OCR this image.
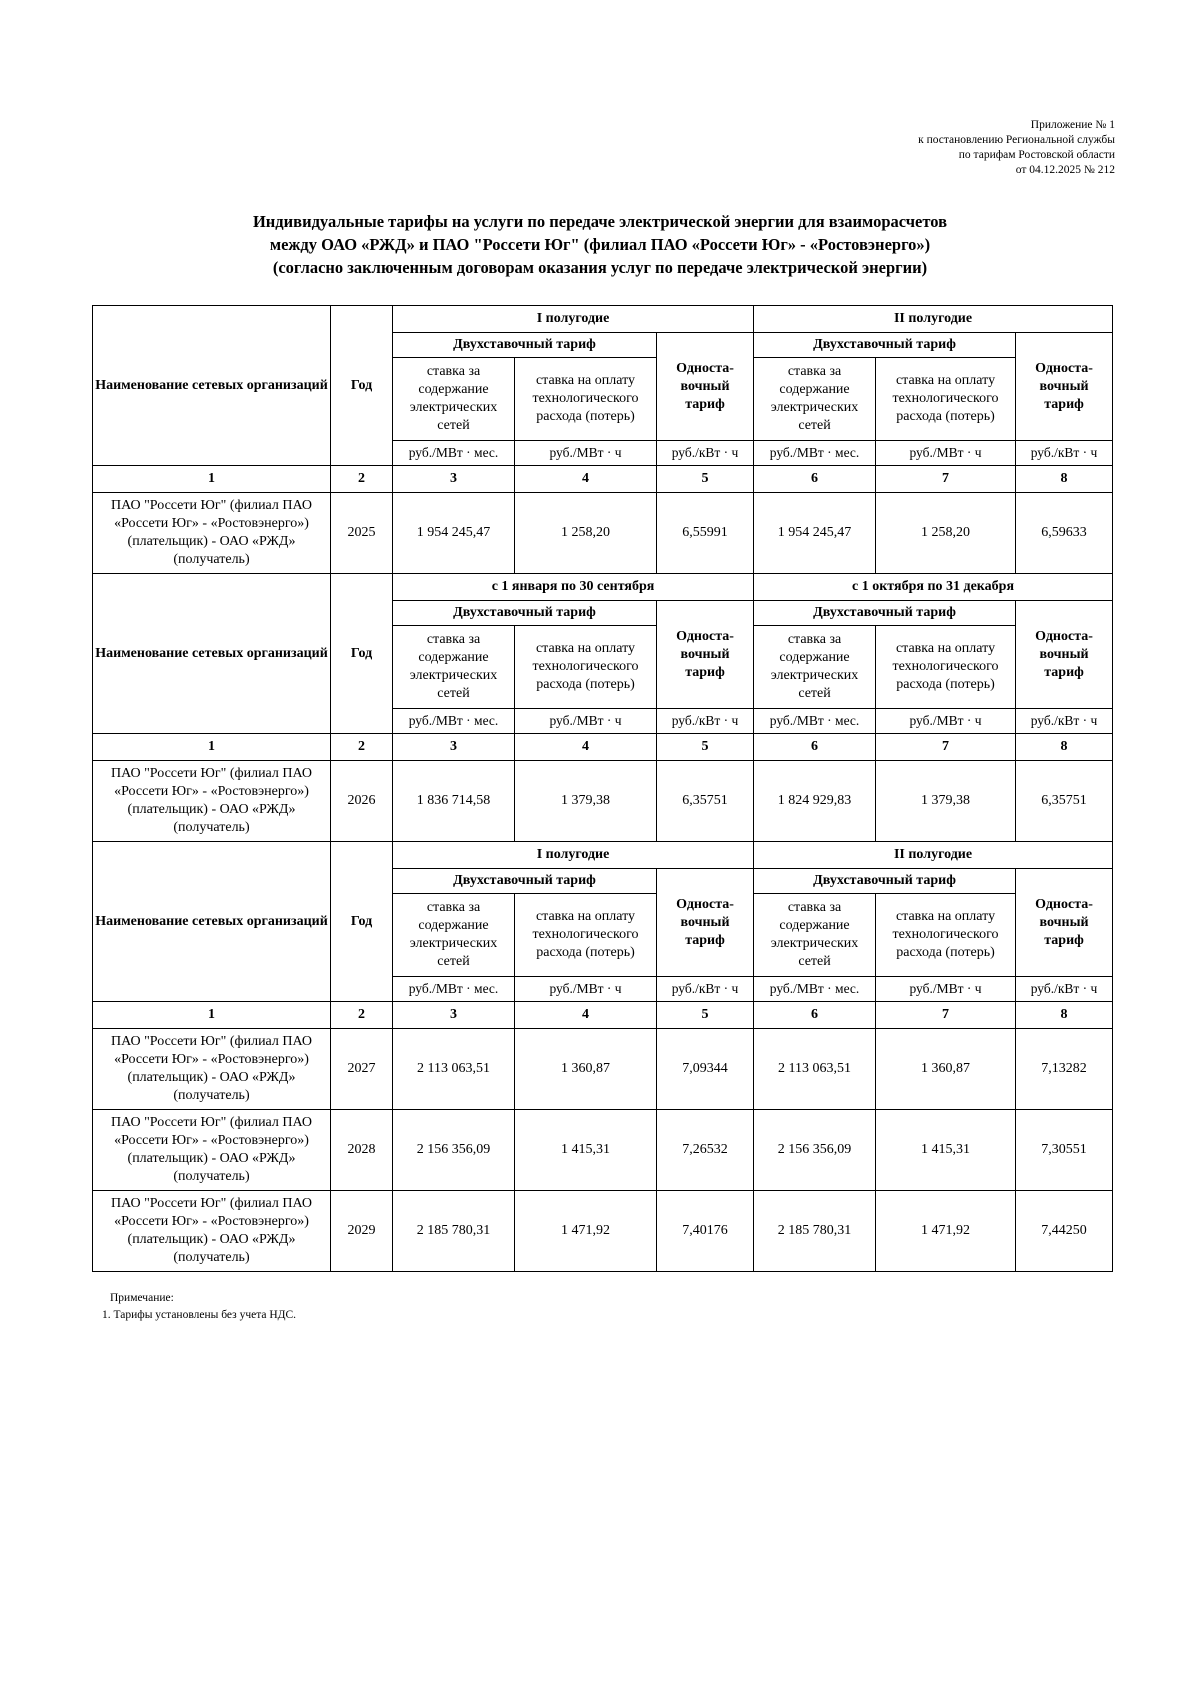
Приложение № 1
к постановлению Региональной службы
по тарифам Ростовской области
от 04.12.2025 № 212
Индивидуальные тарифы на услуги по передаче электрической энергии для взаиморасчетов
между ОАО «РЖД» и ПАО "Россети Юг" (филиал ПАО «Россети Юг» - «Ростовэнерго»)
(согласно заключенным договорам оказания услуг по передаче электрической энергии)
Наименование сетевых организаций	Год	I полугодие			II полугодие		
		Двухставочный тариф		Односта-вочный тариф	Двухставочный тариф		Односта-вочный тариф
		ставка за содержание электрических сетей	ставка на оплату технологического расхода (потерь)		ставка за содержание электрических сетей	ставка на оплату технологического расхода (потерь)	
		руб./МВт · мес.	руб./МВт · ч	руб./кВт · ч	руб./МВт · мес.	руб./МВт · ч	руб./кВт · ч
1	2	3	4	5	6	7	8
ПАО "Россети Юг" (филиал ПАО «Россети Юг» - «Ростовэнерго») (плательщик) - ОАО «РЖД» (получатель)	2025	1 954 245,47	1 258,20	6,55991	1 954 245,47	1 258,20	6,59633
Наименование сетевых организаций	Год	с 1 января по 30 сентября			с 1 октября по 31 декабря		
		Двухставочный тариф		Односта-вочный тариф	Двухставочный тариф		Односта-вочный тариф
		ставка за содержание электрических сетей	ставка на оплату технологического расхода (потерь)		ставка за содержание электрических сетей	ставка на оплату технологического расхода (потерь)	
		руб./МВт · мес.	руб./МВт · ч	руб./кВт · ч	руб./МВт · мес.	руб./МВт · ч	руб./кВт · ч
1	2	3	4	5	6	7	8
ПАО "Россети Юг" (филиал ПАО «Россети Юг» - «Ростовэнерго») (плательщик) - ОАО «РЖД» (получатель)	2026	1 836 714,58	1 379,38	6,35751	1 824 929,83	1 379,38	6,35751
Наименование сетевых организаций	Год	I полугодие			II полугодие		
		Двухставочный тариф		Односта-вочный тариф	Двухставочный тариф		Односта-вочный тариф
		ставка за содержание электрических сетей	ставка на оплату технологического расхода (потерь)		ставка за содержание электрических сетей	ставка на оплату технологического расхода (потерь)	
		руб./МВт · мес.	руб./МВт · ч	руб./кВт · ч	руб./МВт · мес.	руб./МВт · ч	руб./кВт · ч
1	2	3	4	5	6	7	8
ПАО "Россети Юг" (филиал ПАО «Россети Юг» - «Ростовэнерго») (плательщик) - ОАО «РЖД» (получатель)	2027	2 113 063,51	1 360,87	7,09344	2 113 063,51	1 360,87	7,13282
ПАО "Россети Юг" (филиал ПАО «Россети Юг» - «Ростовэнерго») (плательщик) - ОАО «РЖД» (получатель)	2028	2 156 356,09	1 415,31	7,26532	2 156 356,09	1 415,31	7,30551
ПАО "Россети Юг" (филиал ПАО «Россети Юг» - «Ростовэнерго») (плательщик) - ОАО «РЖД» (получатель)	2029	2 185 780,31	1 471,92	7,40176	2 185 780,31	1 471,92	7,44250
Примечание:
1. Тарифы установлены без учета НДС.
